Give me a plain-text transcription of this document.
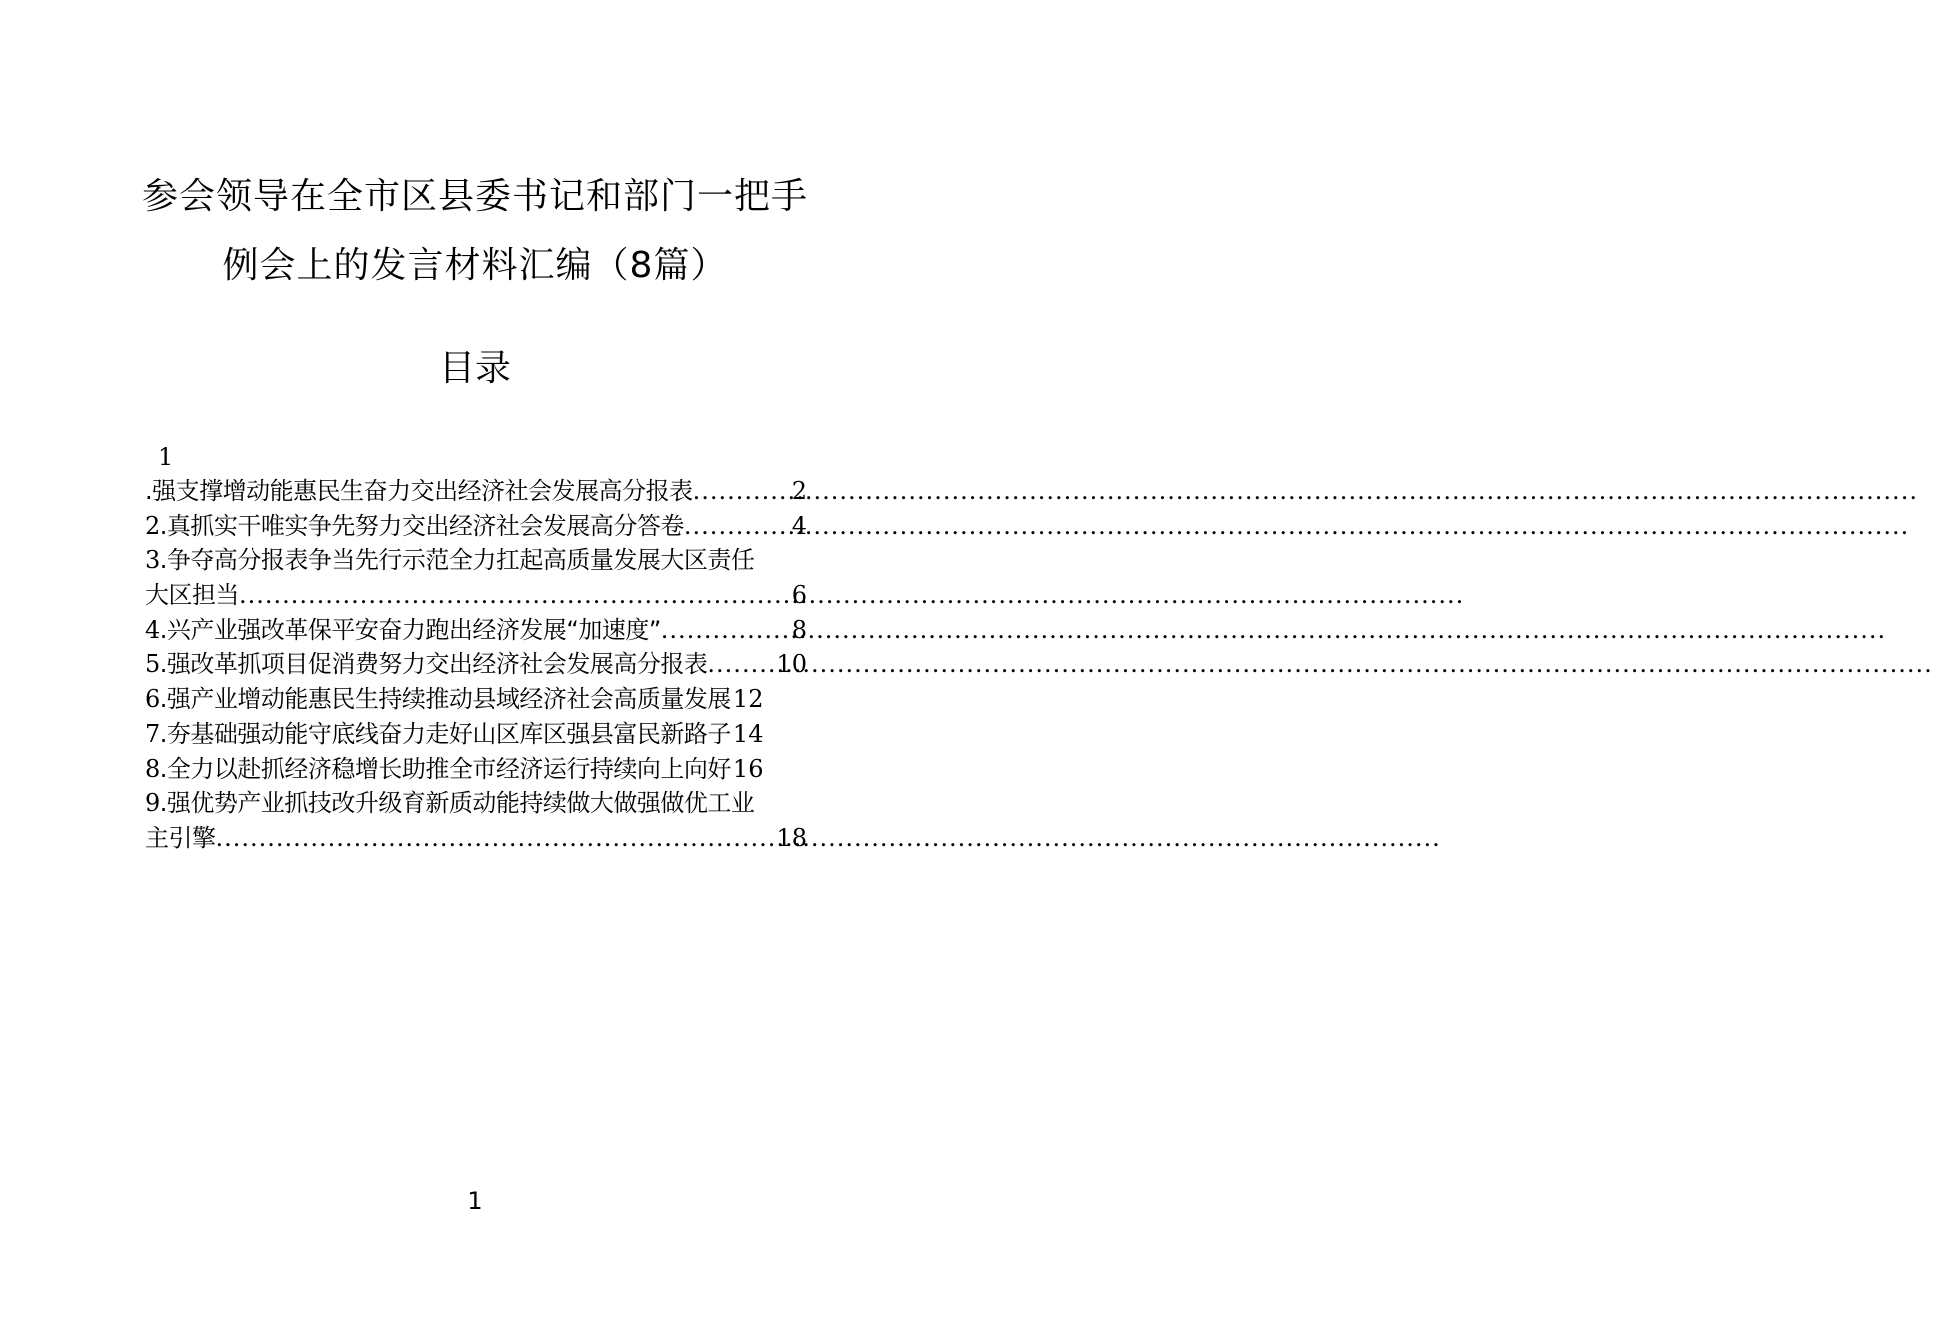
参会领导在全市区县委书记和部门一把手
例会上的发言材料汇编（8篇）
目录
1
.强支撑增动能惠民生奋力交出经济社会发展高分报表 .....	2
2.真抓实干唯实争先努力交出经济社会发展高分答卷 .....	4
3.争夺高分报表争当先行示范全力扛起高质量发展大区责任
大区担当 .....	6
4.兴产业强改革保平安奋力跑出经济发展“加速度” .....	8
5.强改革抓项目促消费努力交出经济社会发展高分报表 .....	10
6.强产业增动能惠民生持续推动县域经济社会高质量发展 12
7.夯基础强动能守底线奋力走好山区库区强县富民新路子 14
8.全力以赴抓经济稳增长助推全市经济运行持续向上向好 16
9.强优势产业抓技改升级育新质动能持续做大做强做优工业
主引擎 .....	18
1
